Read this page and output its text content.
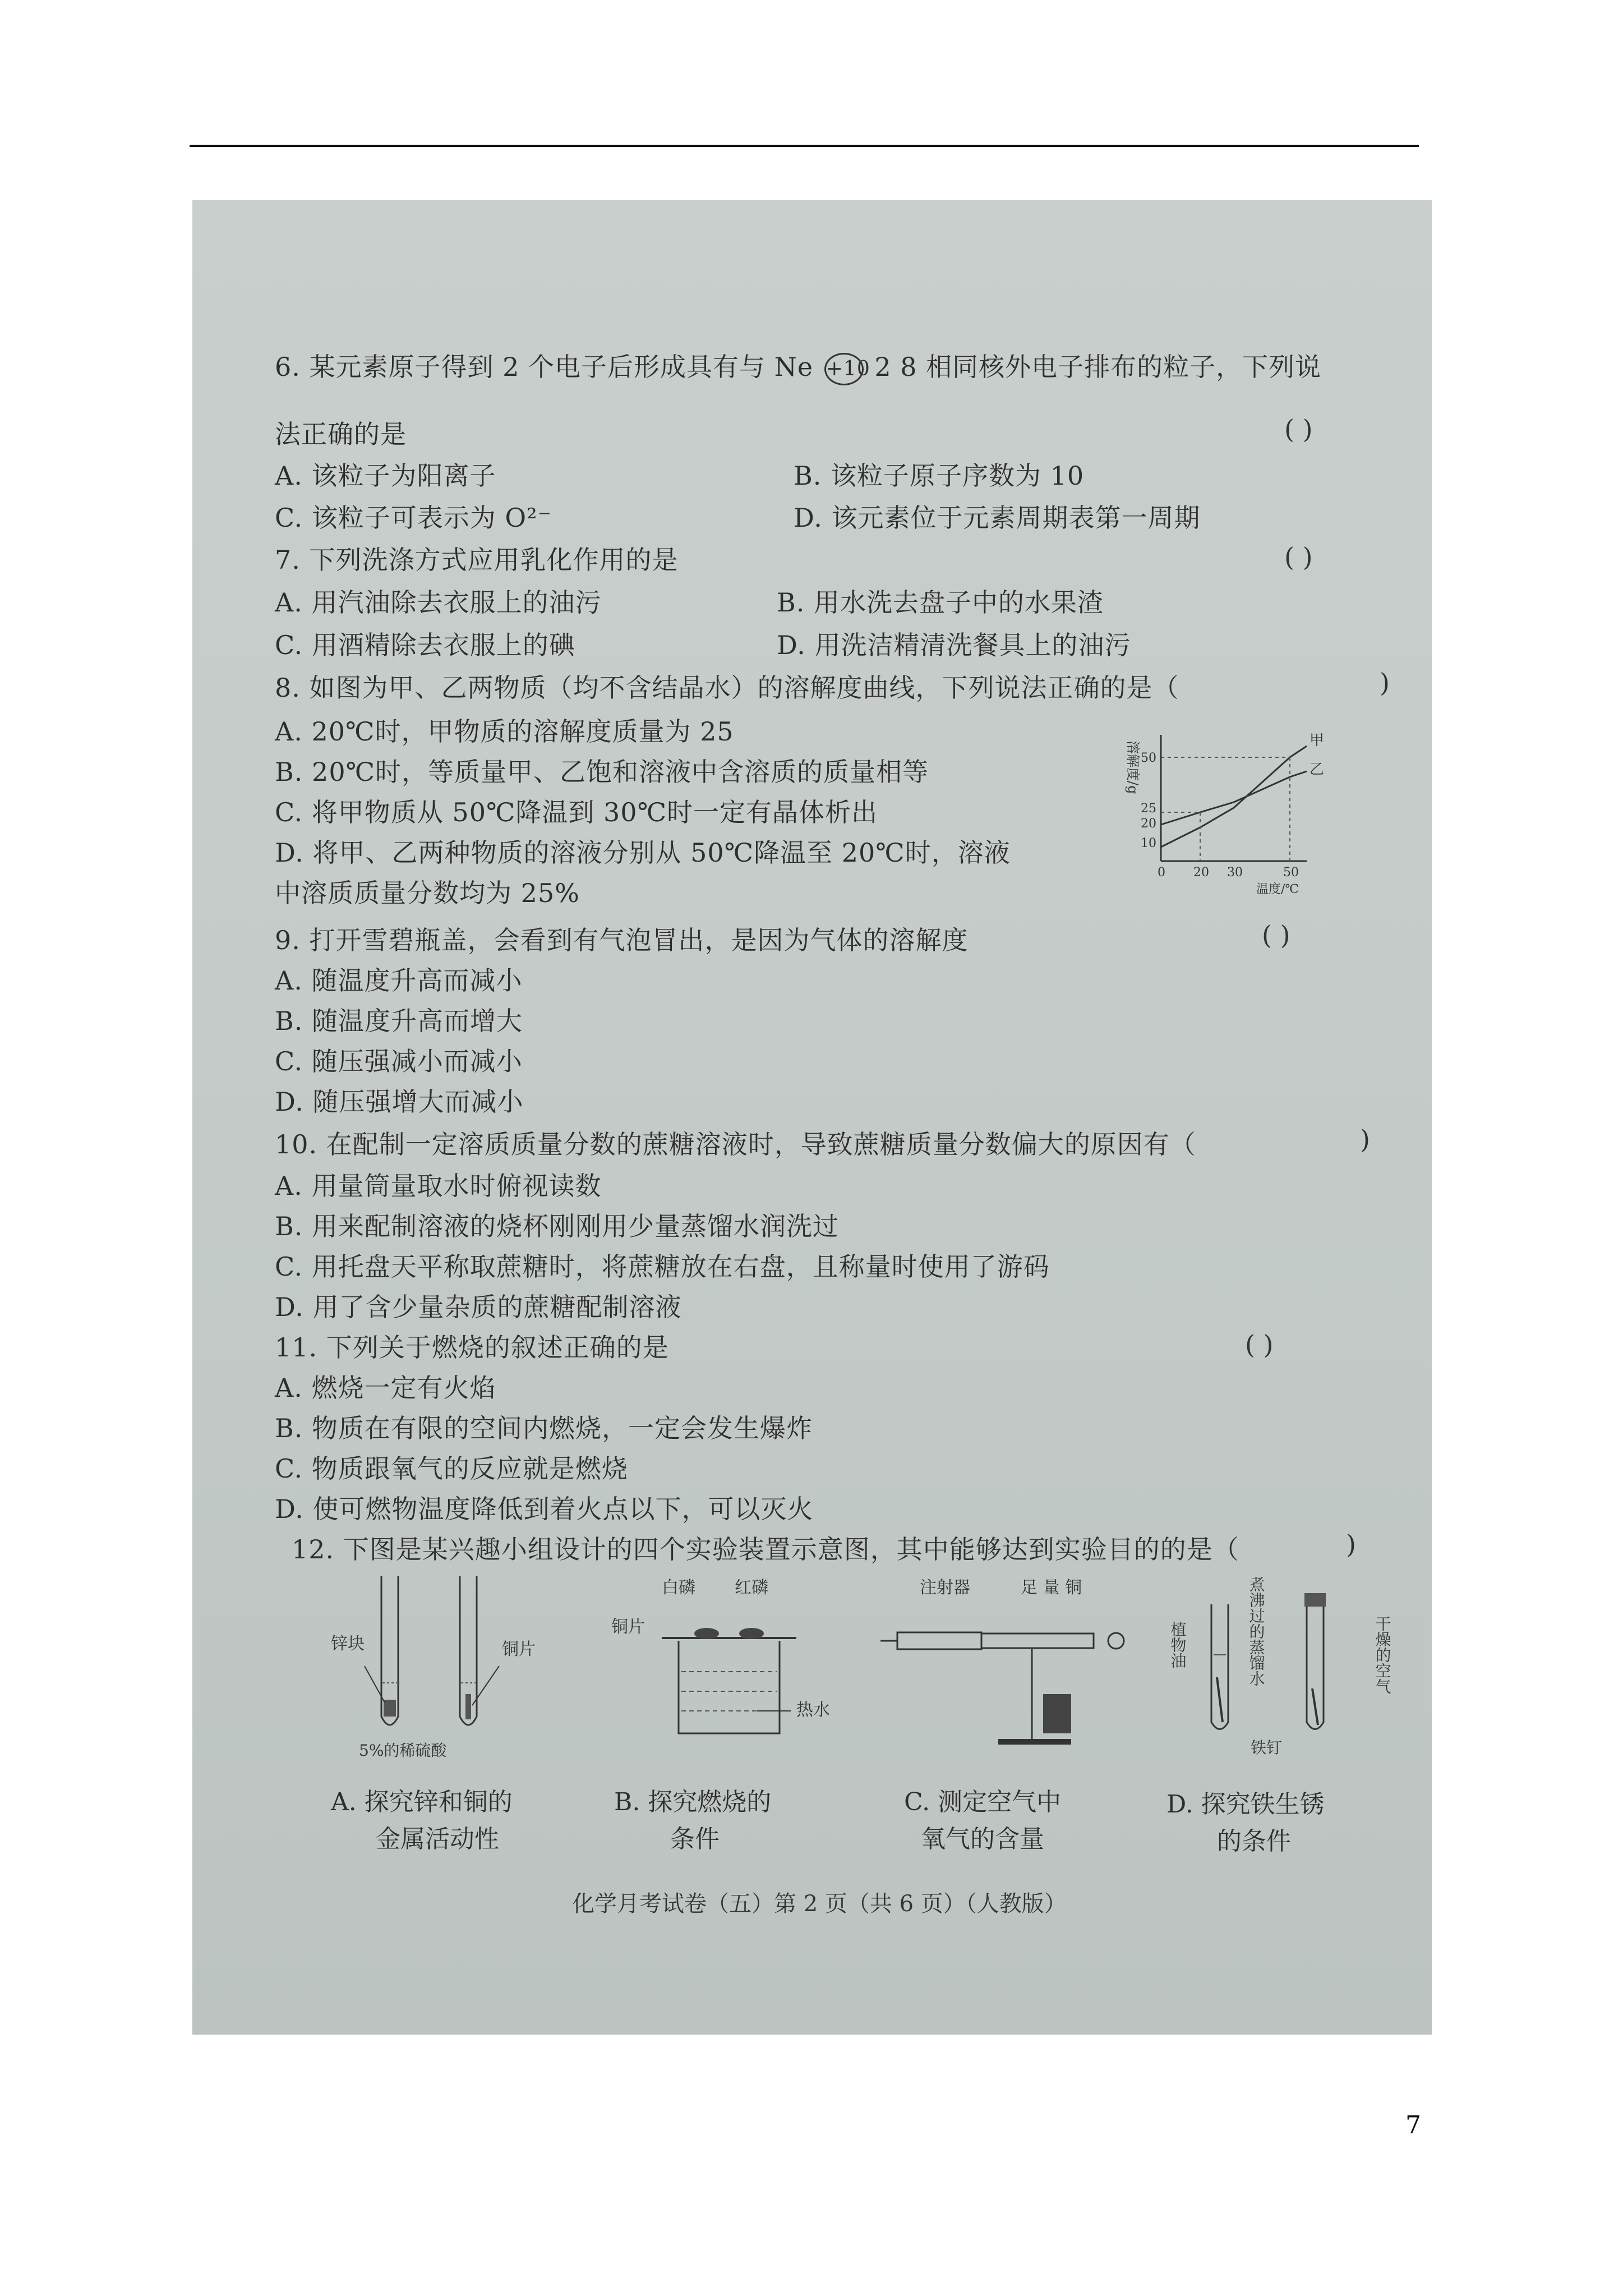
6. 某元素原子得到 2 个电子后形成具有与 Ne +10 2 8 相同核外电子排布的粒子，下列说
法正确的是	( )
A. 该粒子为阳离子	B. 该粒子原子序数为 10
C. 该粒子可表示为 O²⁻	D. 该元素位于元素周期表第一周期
7. 下列洗涤方式应用乳化作用的是	( )
A. 用汽油除去衣服上的油污	B. 用水洗去盘子中的水果渣
C. 用酒精除去衣服上的碘	D. 用洗洁精清洗餐具上的油污
8. 如图为甲、乙两物质（均不含结晶水）的溶解度曲线，下列说法正确的是（	)
A. 20℃时，甲物质的溶解度质量为 25
B. 20℃时，等质量甲、乙饱和溶液中含溶质的质量相等
C. 将甲物质从 50℃降温到 30℃时一定有晶体析出
D. 将甲、乙两种物质的溶液分别从 50℃降温至 20℃时，溶液
中溶质质量分数均为 25%
溶解度/g 50
25
20
10
0 20 30	50
温度/℃
甲
乙
9. 打开雪碧瓶盖，会看到有气泡冒出，是因为气体的溶解度	( )
A. 随温度升高而减小
B. 随温度升高而增大
C. 随压强减小而减小
D. 随压强增大而减小
10. 在配制一定溶质质量分数的蔗糖溶液时，导致蔗糖质量分数偏大的原因有（	)
A. 用量筒量取水时俯视读数
B. 用来配制溶液的烧杯刚刚用少量蒸馏水润洗过
C. 用托盘天平称取蔗糖时，将蔗糖放在右盘，且称量时使用了游码
D. 用了含少量杂质的蔗糖配制溶液
11. 下列关于燃烧的叙述正确的是	( )
A. 燃烧一定有火焰
B. 物质在有限的空间内燃烧，一定会发生爆炸
C. 物质跟氧气的反应就是燃烧
D. 使可燃物温度降低到着火点以下，可以灭火
12. 下图是某兴趣小组设计的四个实验装置示意图，其中能够达到实验目的的是（	)
锌块	铜片
5%的稀硫酸
白磷 红磷
铜片
热水
注射器	足 量 铜
植物油	煮沸过的蒸馏水	干燥的空气
铁钉
A. 探究锌和铜的
金属活动性
B. 探究燃烧的
条件
C. 测定空气中
氧气的含量
D. 探究铁生锈
的条件
化学月考试卷（五）第 2 页（共 6 页）（人教版）
7
